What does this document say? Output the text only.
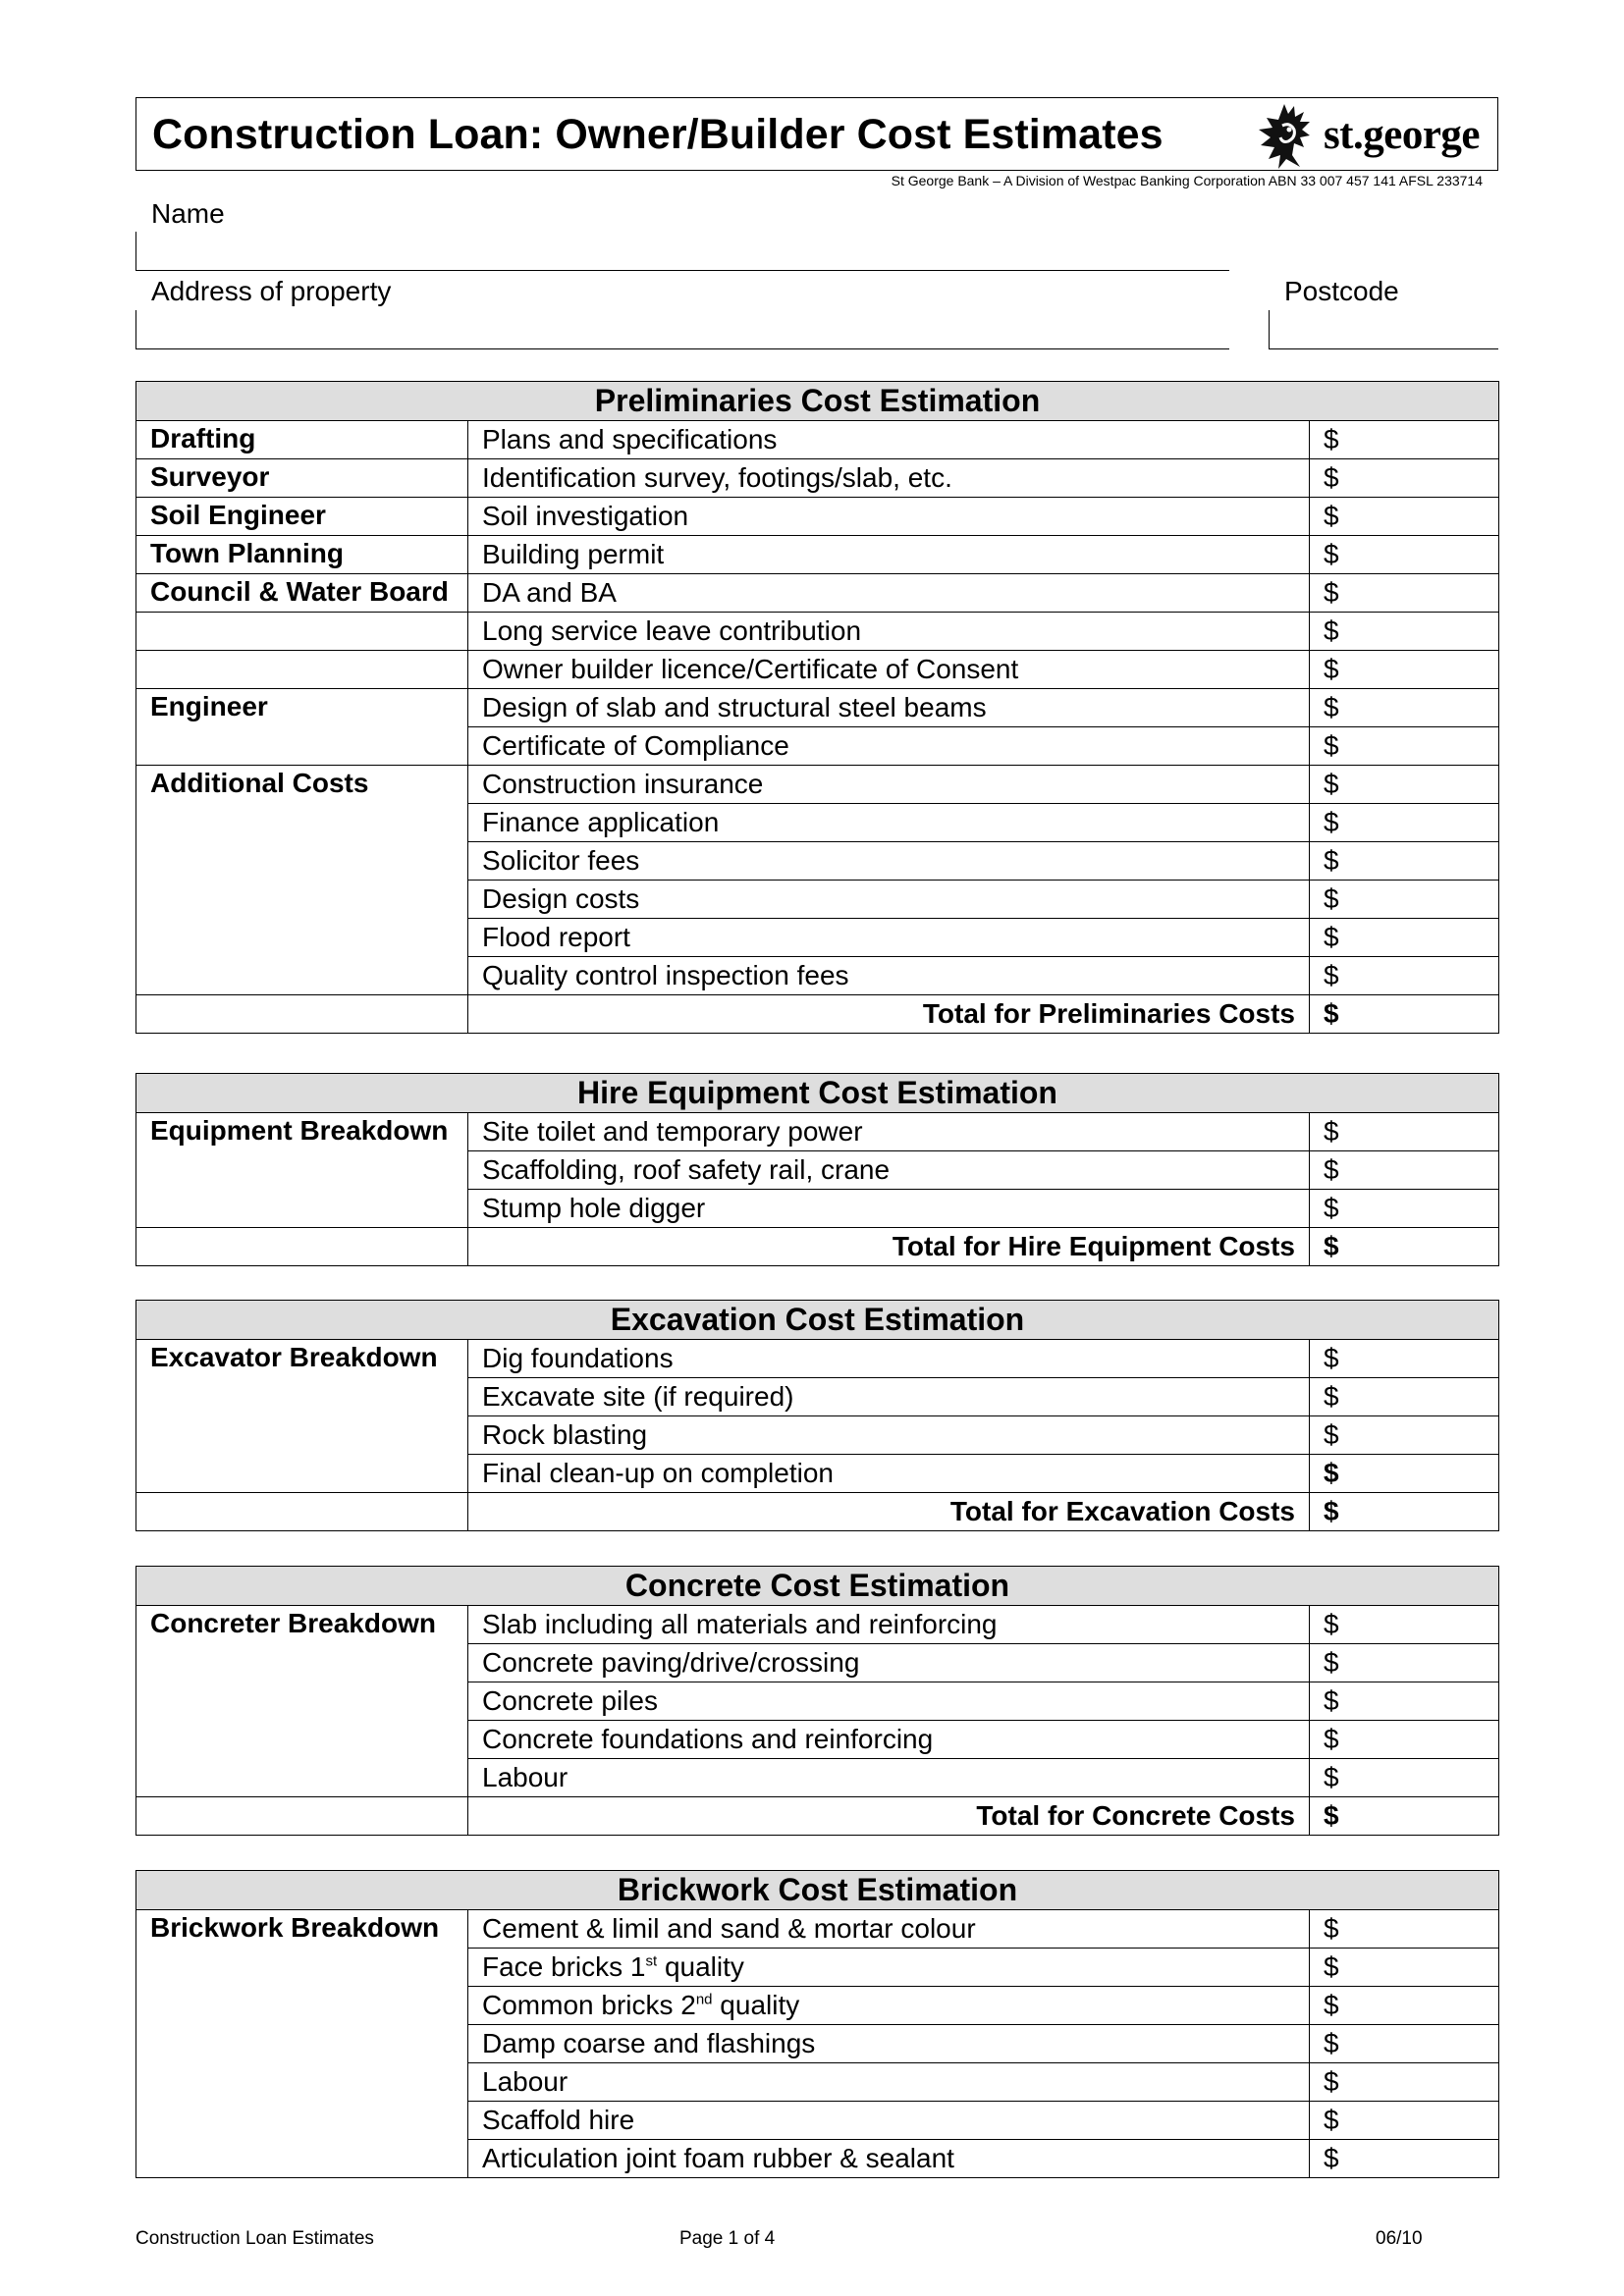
Construction Loan: Owner/Builder Cost Estimates	st.george
St George Bank – A Division of Westpac Banking Corporation ABN 33 007 457 141 AFSL 233714
Name
Address of property	Postcode
Preliminaries Cost Estimation		
Drafting	Plans and specifications	$
Surveyor	Identification survey, footings/slab, etc.	$
Soil Engineer	Soil investigation	$
Town Planning	Building permit	$
Council & Water Board	DA and BA	$
	Long service leave contribution	$
	Owner builder licence/Certificate of Consent	$
Engineer	Design of slab and structural steel beams	$
	Certificate of Compliance	$
Additional Costs	Construction insurance	$
	Finance application	$
	Solicitor fees	$
	Design costs	$
	Flood report	$
	Quality control inspection fees	$
	Total for Preliminaries Costs	$
Hire Equipment Cost Estimation		
Equipment Breakdown	Site toilet and temporary power	$
	Scaffolding, roof safety rail, crane	$
	Stump hole digger	$
	Total for Hire Equipment Costs	$
Excavation Cost Estimation		
Excavator Breakdown	Dig foundations	$
	Excavate site (if required)	$
	Rock blasting	$
	Final clean-up on completion	$
	Total for Excavation Costs	$
Concrete Cost Estimation		
Concreter Breakdown	Slab including all materials and reinforcing	$
	Concrete paving/drive/crossing	$
	Concrete piles	$
	Concrete foundations and reinforcing	$
	Labour	$
	Total for Concrete Costs	$
Brickwork Cost Estimation		
Brickwork Breakdown	Cement & limil and sand & mortar colour	$
	Face bricks 1st quality	$
	Common bricks 2nd quality	$
	Damp coarse and flashings	$
	Labour	$
	Scaffold hire	$
	Articulation joint foam rubber & sealant	$
Construction Loan Estimates	Page 1 of 4	06/10
